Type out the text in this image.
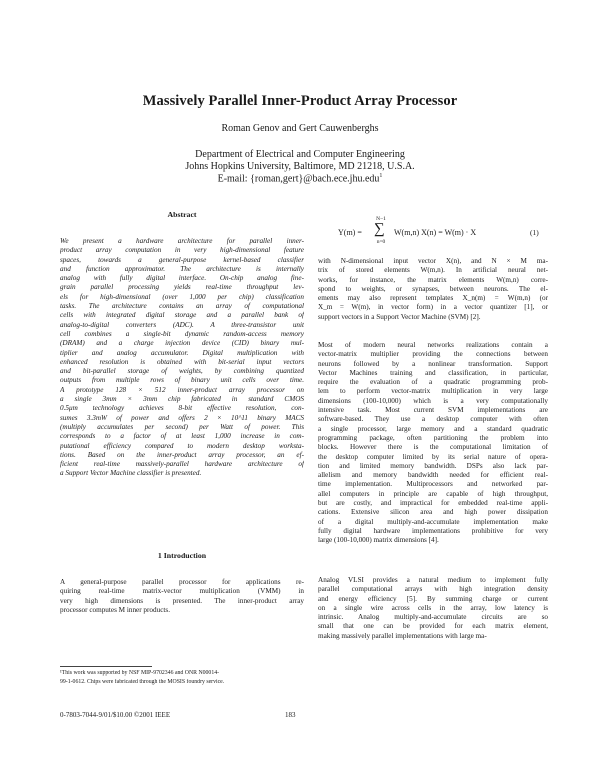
Massively Parallel Inner-Product Array Processor
Roman Genov and Gert Cauwenberghs
Department of Electrical and Computer Engineering
Johns Hopkins University, Baltimore, MD 21218, U.S.A.
E-mail: {roman,gert}@bach.ece.jhu.edu$^1$
Abstract
We present a hardware architecture for parallel inner-
product array computation in very high-dimensional feature
spaces, towards a general-purpose kernel-based classifier
and function approximator. The architecture is internally
analog with fully digital interface. On-chip analog fine-
grain parallel processing yields real-time throughput lev-
els for high-dimensional (over 1,000 per chip) classification
tasks. The architecture contains an array of computational
cells with integrated digital storage and a parallel bank of
analog-to-digital converters (ADC). A three-transistor unit
cell combines a single-bit dynamic random-access memory
(DRAM) and a charge injection device (CID) binary mul-
tiplier and analog accumulator. Digital multiplication with
enhanced resolution is obtained with bit-serial input vectors
and bit-parallel storage of weights, by combining quantized
outputs from multiple rows of binary unit cells over time.
A prototype 128 × 512 inner-product array processor on
a single 3mm × 3mm chip fabricated in standard CMOS
0.5μm technology achieves 8-bit effective resolution, con-
sumes 3.3mW of power and offers 2 × 10^11 binary MACS
(multiply accumulates per second) per Watt of power. This
corresponds to a factor of at least 1,000 increase in com-
putational efficiency compared to modern desktop worksta-
tions. Based on the inner-product array processor, an ef-
ficient real-time massively-parallel hardware architecture of
a Support Vector Machine classifier is presented.
1 Introduction
A general-purpose parallel processor for applications re-
quiring real-time matrix-vector multiplication (VMM) in
very high dimensions is presented. The inner-product array
processor computes M inner products.
¹This work was supported by NSF MIP-9702346 and ONR N00014-
99-1-0612. Chips were fabricated through the MOSIS foundry service.
Y(m) =
N−1
∑
n=0
W(m,n) X(n) = W(m) · X	(1)
with N-dimensional input vector X(n), and N × M ma-
trix of stored elements W(m,n). In artificial neural net-
works, for instance, the matrix elements W(m,n) corre-
spond to weights, or synapses, between neurons. The el-
ements may also represent templates X_n(m) = W(m,n) (or
X_m = W(m), in vector form) in a vector quantizer [1], or
support vectors in a Support Vector Machine (SVM) [2].
Most of modern neural networks realizations contain a
vector-matrix multiplier providing the connections between
neurons followed by a nonlinear transformation. Support
Vector Machines training and classification, in particular,
require the evaluation of a quadratic programming prob-
lem to perform vector-matrix multiplication in very large
dimensions (100-10,000) which is a very computationally
intensive task. Most current SVM implementations are
software-based. They use a desktop computer with often
a single processor, large memory and a standard quadratic
programming package, often partitioning the problem into
blocks. However there is the computational limitation of
the desktop computer limited by its serial nature of opera-
tion and limited memory bandwidth. DSPs also lack par-
allelism and memory bandwidth needed for efficient real-
time implementation. Multiprocessors and networked par-
allel computers in principle are capable of high throughput,
but are costly, and impractical for embedded real-time appli-
cations. Extensive silicon area and high power dissipation
of a digital multiply-and-accumulate implementation make
fully digital hardware implementations prohibitive for very
large (100-10,000) matrix dimensions [4].
Analog VLSI provides a natural medium to implement fully
parallel computational arrays with high integration density
and energy efficiency [5]. By summing charge or current
on a single wire across cells in the array, low latency is
intrinsic. Analog multiply-and-accumulate circuits are so
small that one can be provided for each matrix element,
making massively parallel implementations with large ma-
0-7803-7044-9/01/$10.00 ©2001 IEEE	183
